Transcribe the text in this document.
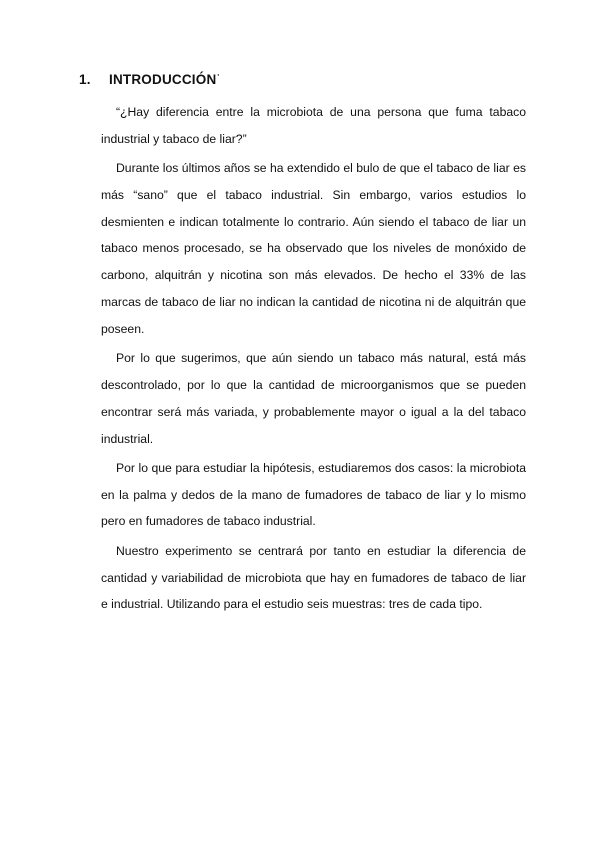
1. INTRODUCCIÓN'

“¿Hay diferencia entre la microbiota de una persona que fuma tabaco industrial y tabaco de liar?”

Durante los últimos años se ha extendido el bulo de que el tabaco de liar es más “sano” que el tabaco industrial. Sin embargo, varios estudios lo desmienten e indican totalmente lo contrario. Aún siendo el tabaco de liar un tabaco menos procesado, se ha observado que los niveles de monóxido de carbono, alquitrán y nicotina son más elevados. De hecho el 33% de las marcas de tabaco de liar no indican la cantidad de nicotina ni de alquitrán que poseen.

Por lo que sugerimos, que aún siendo un tabaco más natural, está más descontrolado, por lo que la cantidad de microorganismos que se pueden encontrar será más variada, y probablemente mayor o igual a la del tabaco industrial.

Por lo que para estudiar la hipótesis, estudiaremos dos casos: la microbiota en la palma y dedos de la mano de fumadores de tabaco de liar y lo mismo pero en fumadores de tabaco industrial.

Nuestro experimento se centrará por tanto en estudiar la diferencia de cantidad y variabilidad de microbiota que hay en fumadores de tabaco de liar e industrial. Utilizando para el estudio seis muestras: tres de cada tipo.
